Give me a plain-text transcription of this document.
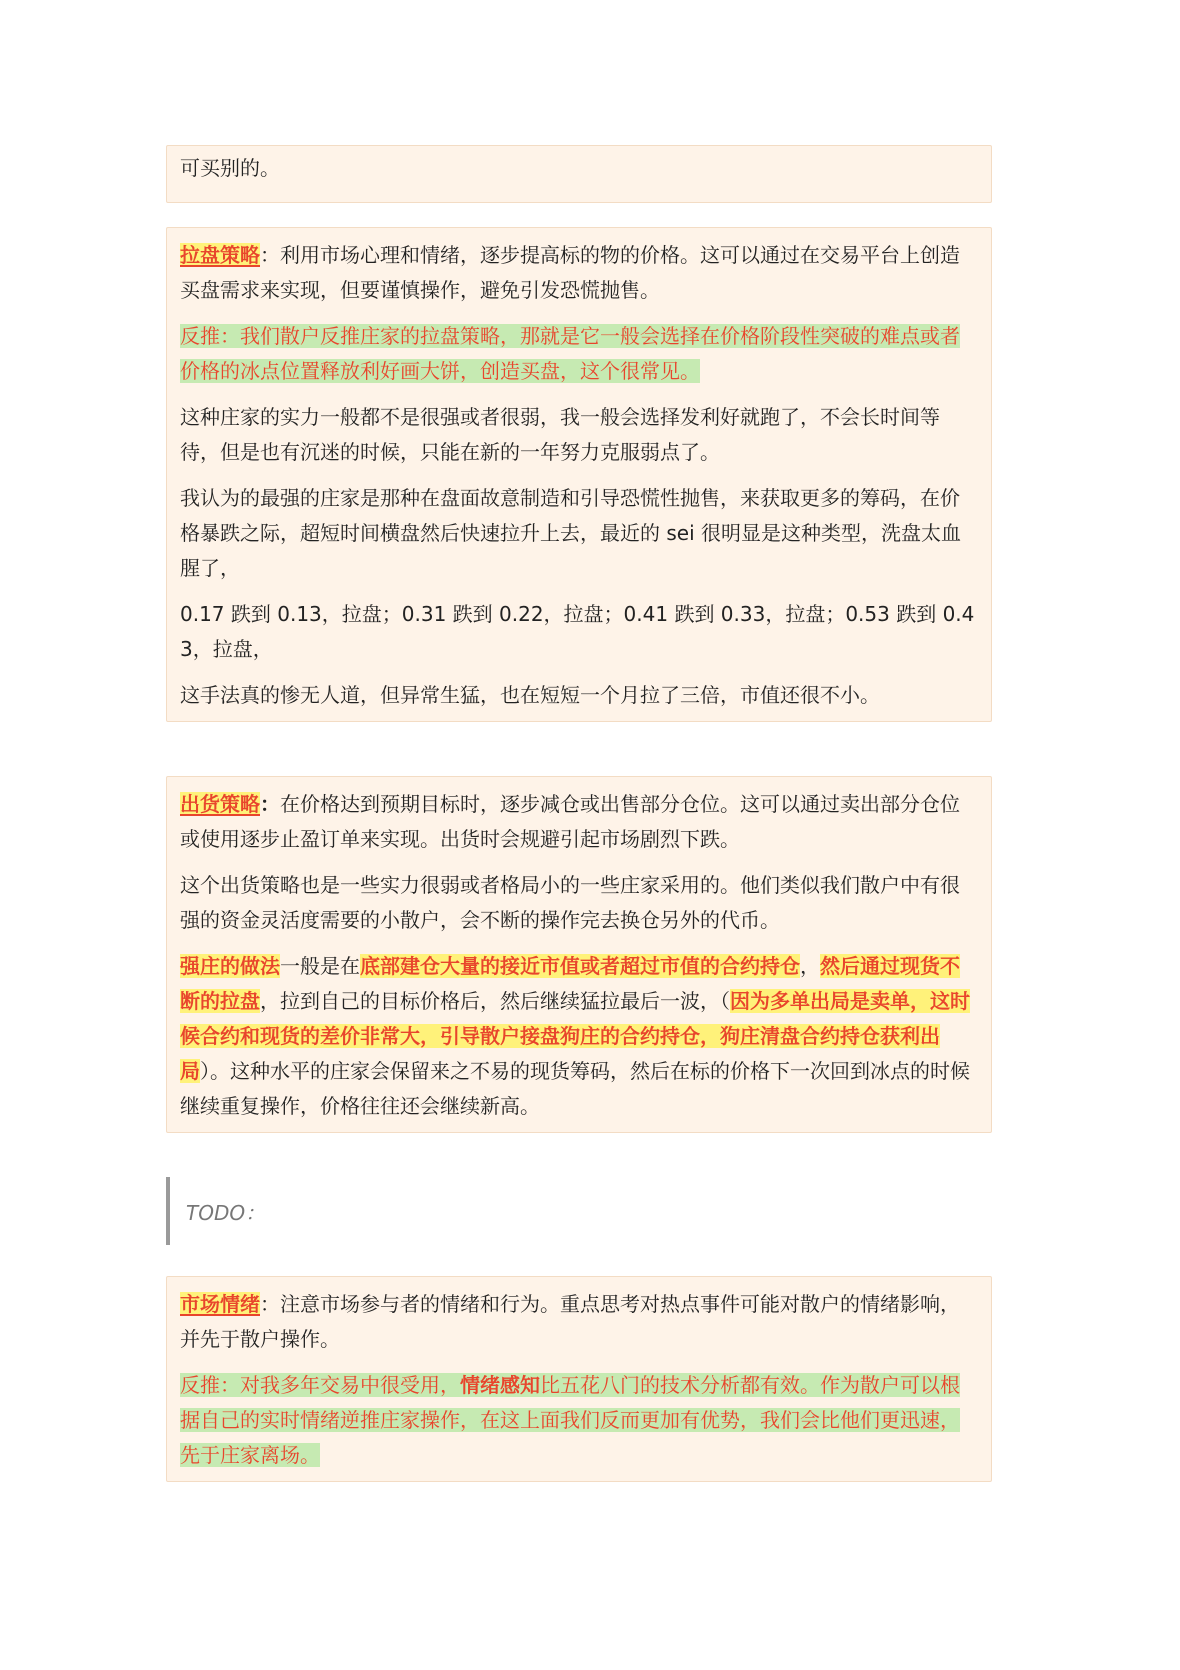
可买别的。

拉盘策略：利用市场心理和情绪，逐步提高标的物的价格。这可以通过在交易平台上创造买盘需求来实现，但要谨慎操作，避免引发恐慌抛售。

反推：我们散户反推庄家的拉盘策略，那就是它一般会选择在价格阶段性突破的难点或者价格的冰点位置释放利好画大饼，创造买盘，这个很常见。

这种庄家的实力一般都不是很强或者很弱，我一般会选择发利好就跑了，不会长时间等待，但是也有沉迷的时候，只能在新的一年努力克服弱点了。

我认为的最强的庄家是那种在盘面故意制造和引导恐慌性抛售，来获取更多的筹码，在价格暴跌之际，超短时间横盘然后快速拉升上去，最近的 sei 很明显是这种类型，洗盘太血腥了，

0.17 跌到 0.13，拉盘；0.31 跌到 0.22，拉盘；0.41 跌到 0.33，拉盘；0.53 跌到 0.43，拉盘，

这手法真的惨无人道，但异常生猛，也在短短一个月拉了三倍，市值还很不小。

出货策略：在价格达到预期目标时，逐步减仓或出售部分仓位。这可以通过卖出部分仓位或使用逐步止盈订单来实现。出货时会规避引起市场剧烈下跌。

这个出货策略也是一些实力很弱或者格局小的一些庄家采用的。他们类似我们散户中有很强的资金灵活度需要的小散户，会不断的操作完去换仓另外的代币。

强庄的做法一般是在底部建仓大量的接近市值或者超过市值的合约持仓，然后通过现货不断的拉盘，拉到自己的目标价格后，然后继续猛拉最后一波，（因为多单出局是卖单，这时候合约和现货的差价非常大，引导散户接盘狗庄的合约持仓，狗庄清盘合约持仓获利出局）。这种水平的庄家会保留来之不易的现货筹码，然后在标的价格下一次回到冰点的时候继续重复操作，价格往往还会继续新高。

TODO：

市场情绪：注意市场参与者的情绪和行为。重点思考对热点事件可能对散户的情绪影响，并先于散户操作。

反推：对我多年交易中很受用，情绪感知比五花八门的技术分析都有效。作为散户可以根据自己的实时情绪逆推庄家操作，在这上面我们反而更加有优势，我们会比他们更迅速，先于庄家离场。
